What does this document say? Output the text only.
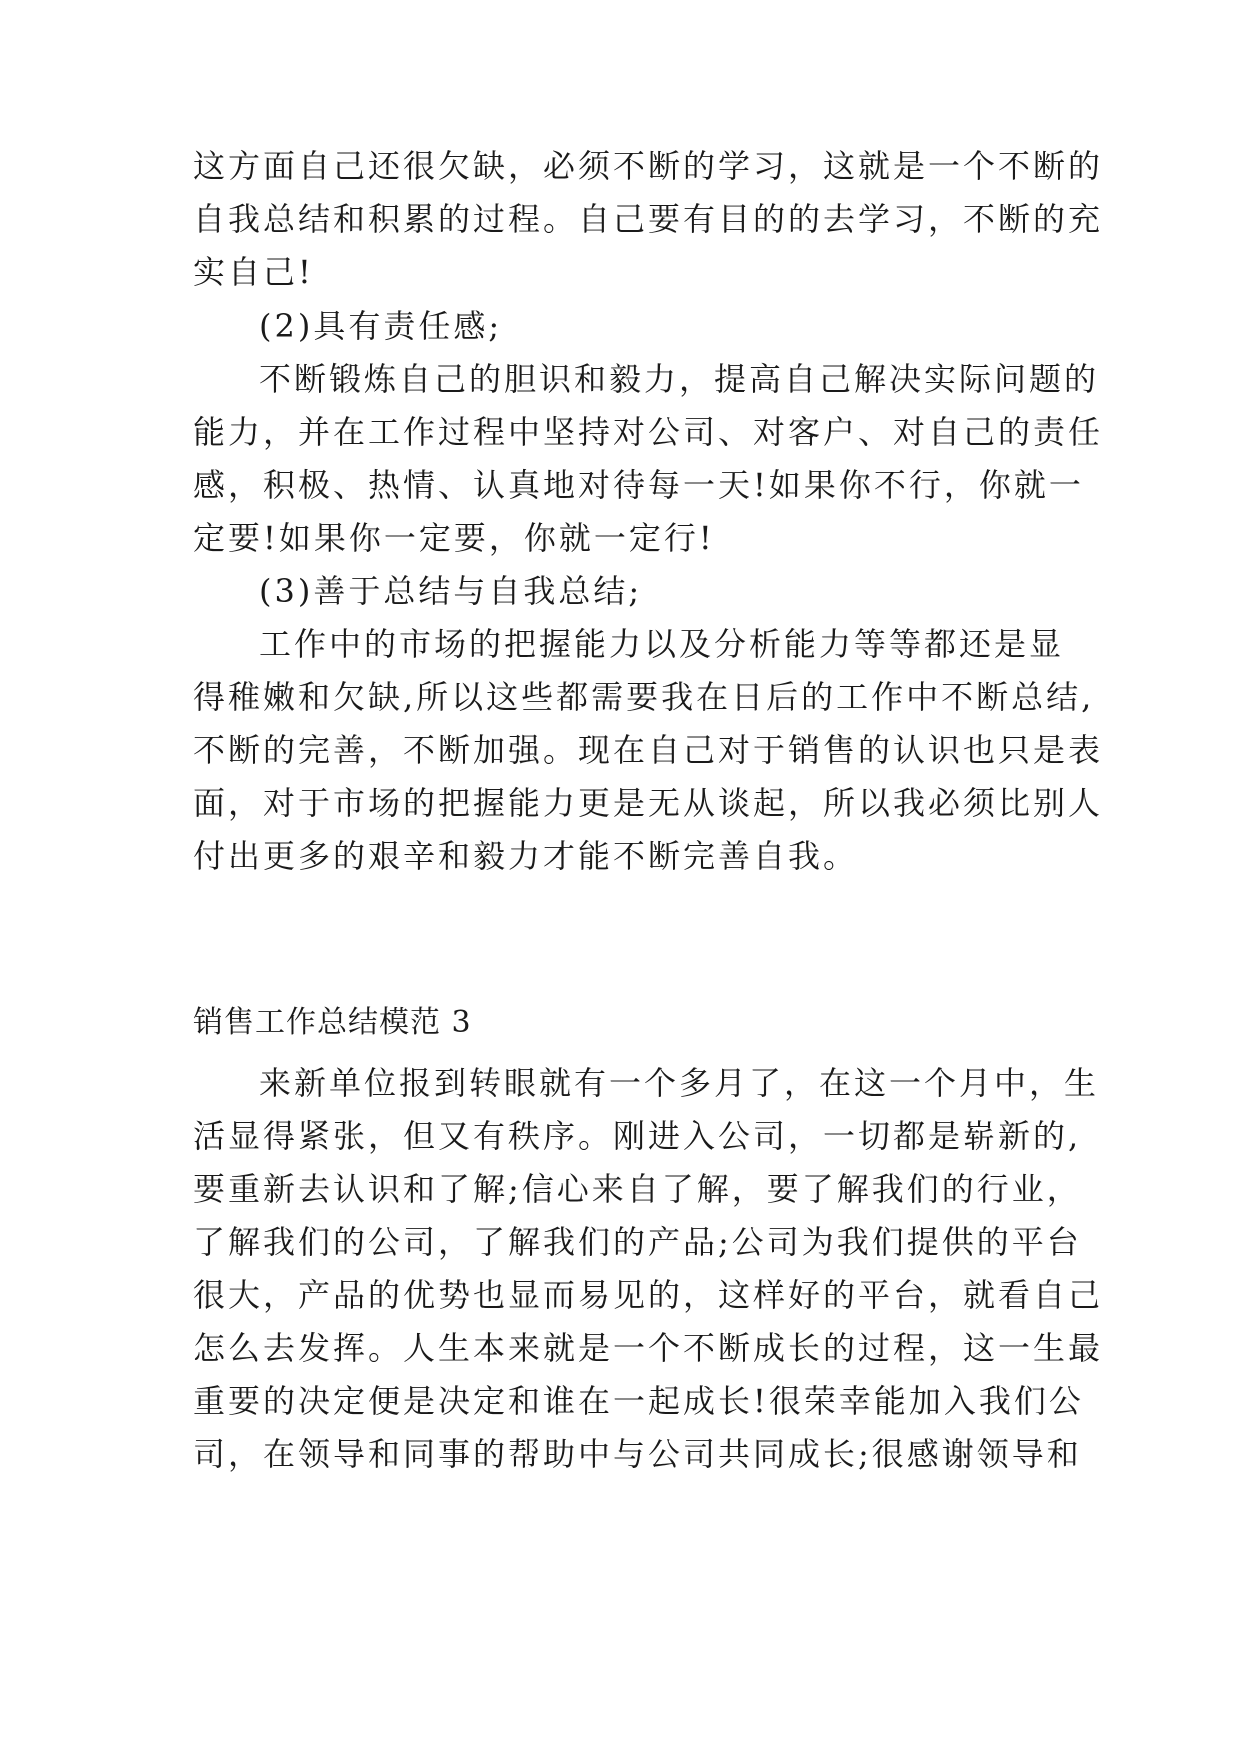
这方面自己还很欠缺，必须不断的学习，这就是一个不断的

自我总结和积累的过程。自己要有目的的去学习，不断的充

实自己!

(2)具有责任感;

不断锻炼自己的胆识和毅力，提高自己解决实际问题的

能力，并在工作过程中坚持对公司、对客户、对自己的责任

感，积极、热情、认真地对待每一天!如果你不行，你就一

定要!如果你一定要，你就一定行!

(3)善于总结与自我总结;

工作中的市场的把握能力以及分析能力等等都还是显

得稚嫩和欠缺,所以这些都需要我在日后的工作中不断总结,

不断的完善，不断加强。现在自己对于销售的认识也只是表

面，对于市场的把握能力更是无从谈起，所以我必须比别人

付出更多的艰辛和毅力才能不断完善自我。

销售工作总结模范 3

来新单位报到转眼就有一个多月了，在这一个月中，生

活显得紧张，但又有秩序。刚进入公司，一切都是崭新的,

要重新去认识和了解;信心来自了解，要了解我们的行业，

了解我们的公司，了解我们的产品;公司为我们提供的平台

很大，产品的优势也显而易见的，这样好的平台，就看自己

怎么去发挥。人生本来就是一个不断成长的过程，这一生最

重要的决定便是决定和谁在一起成长!很荣幸能加入我们公

司，在领导和同事的帮助中与公司共同成长;很感谢领导和
